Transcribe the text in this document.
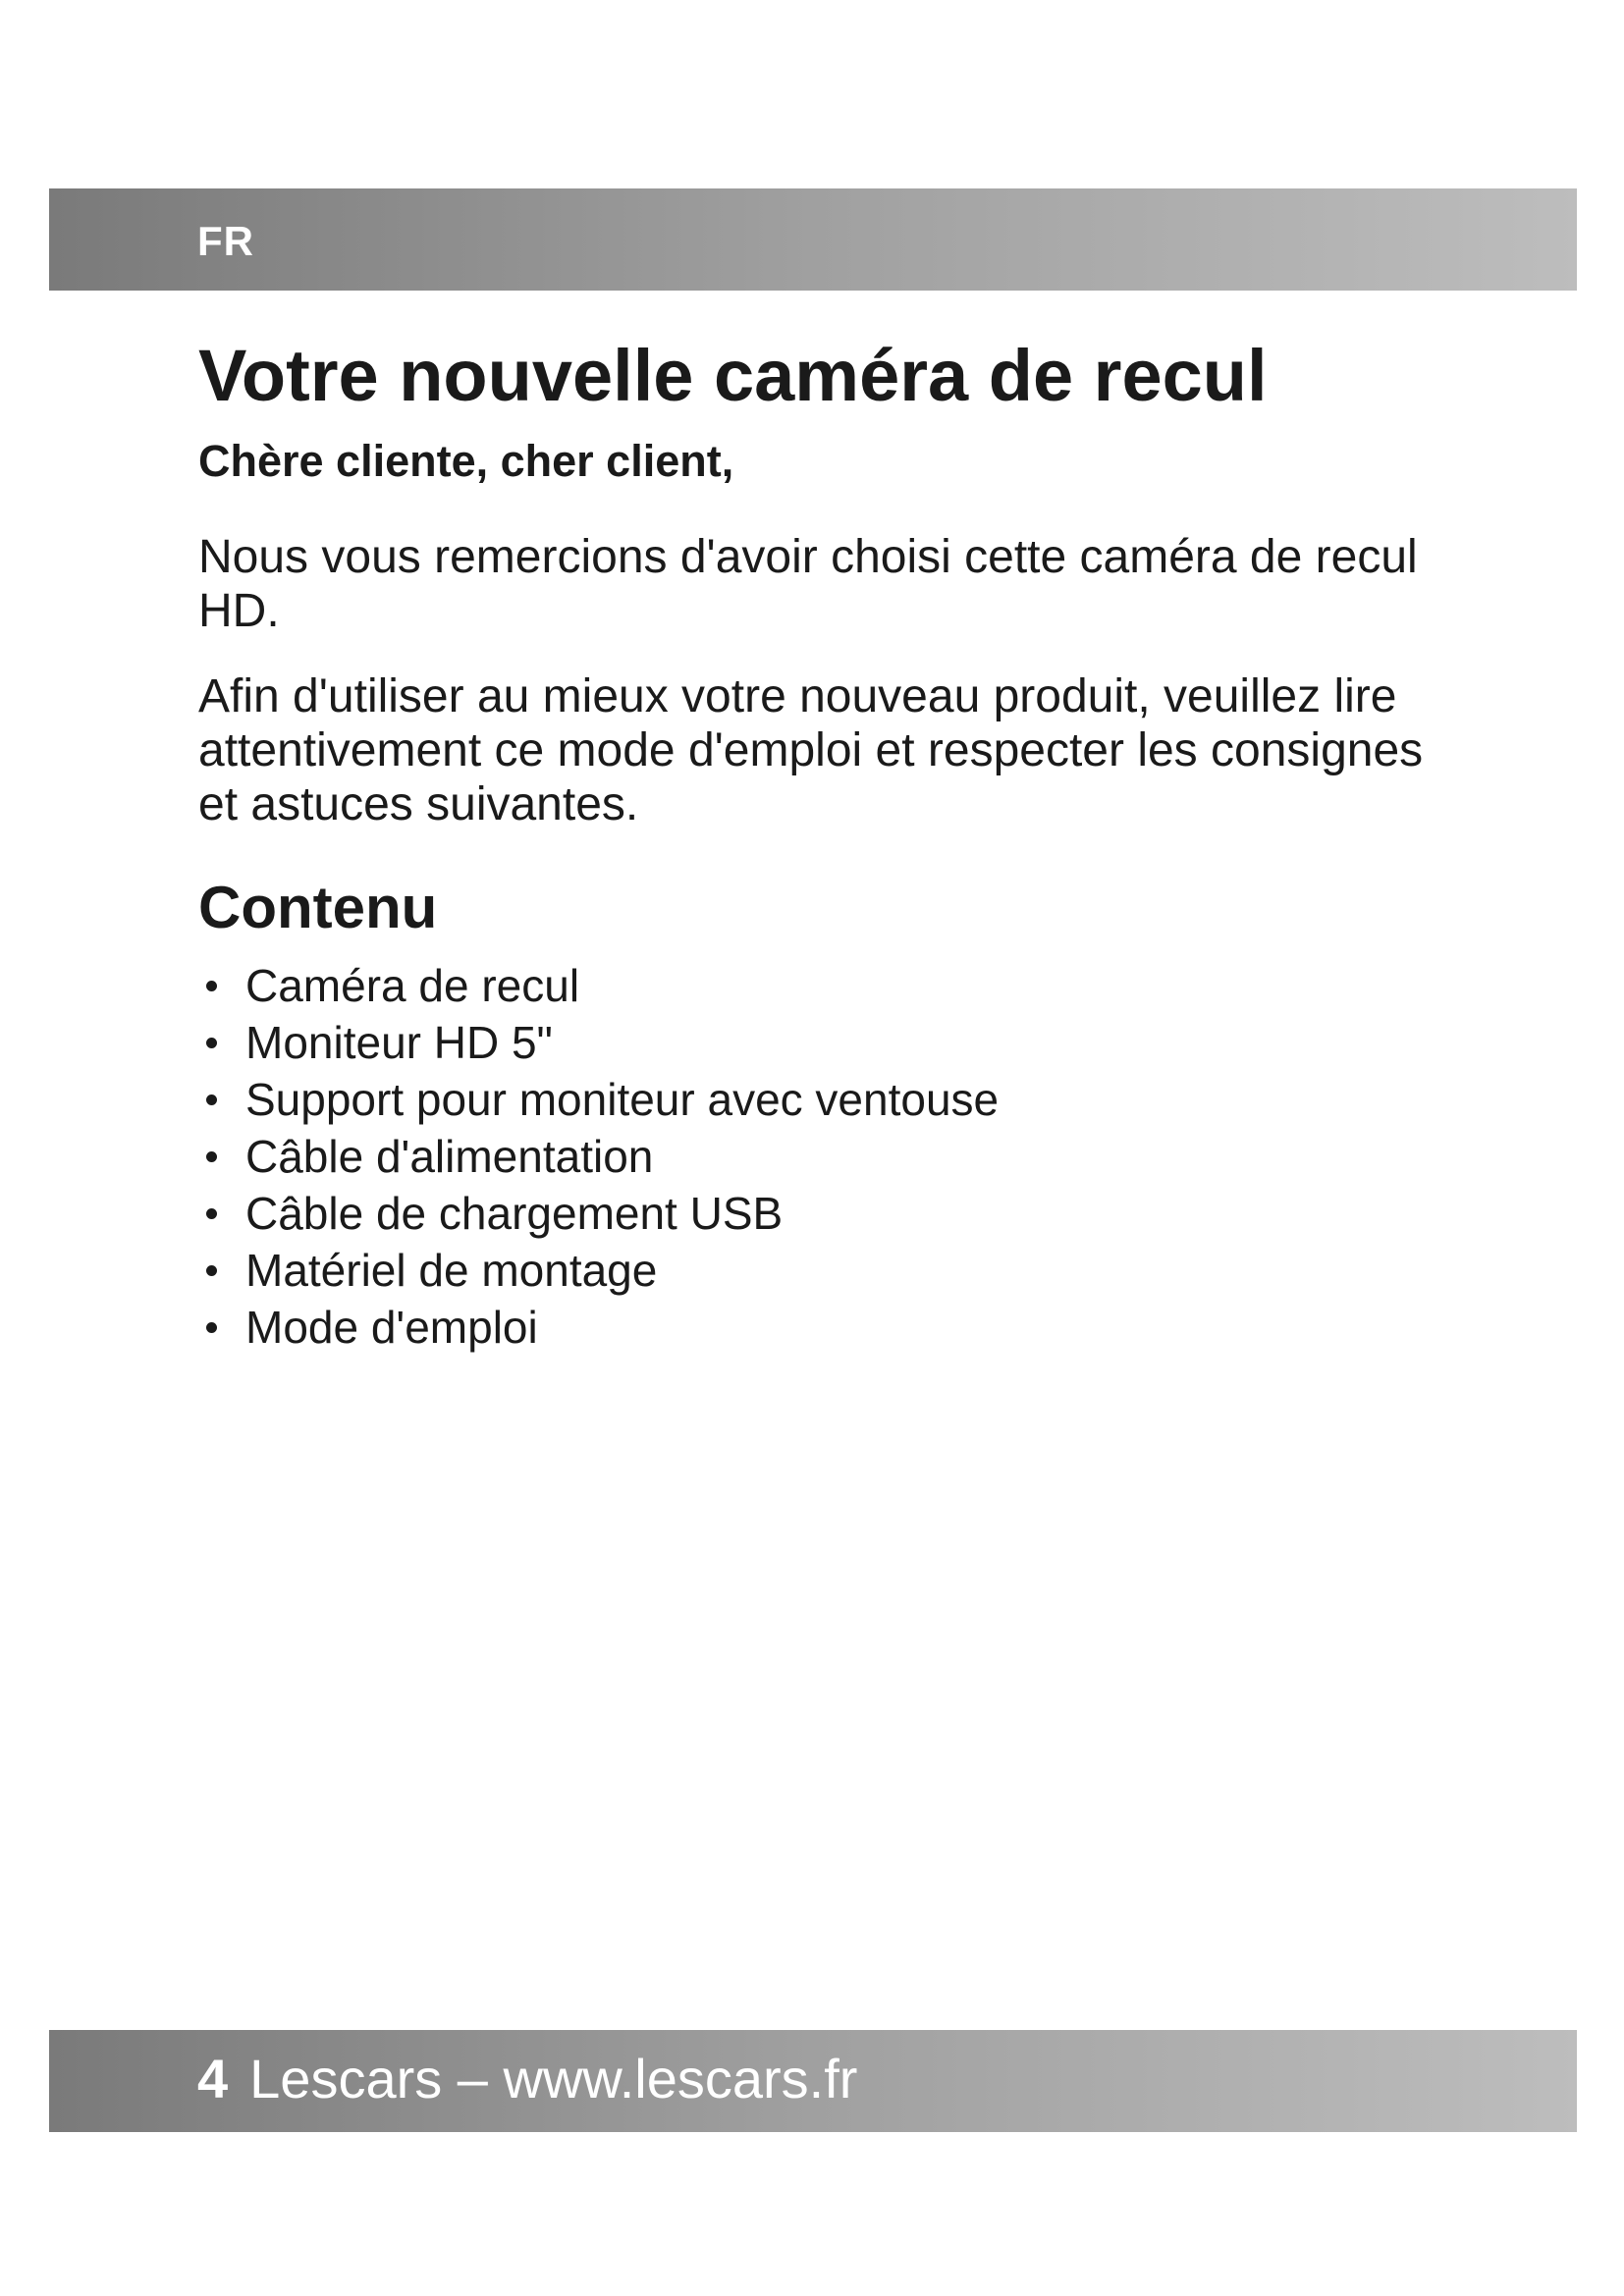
FR
Votre nouvelle caméra de recul
Chère cliente, cher client,

Nous vous remercions d'avoir choisi cette caméra de recul HD.

Afin d'utiliser au mieux votre nouveau produit, veuillez lire attentivement ce mode d'emploi et respecter les consignes et astuces suivantes.

Contenu
Caméra de recul
Moniteur HD 5"
Support pour moniteur avec ventouse
Câble d'alimentation
Câble de chargement USB
Matériel de montage
Mode d'emploi
4 Lescars – www.lescars.fr
